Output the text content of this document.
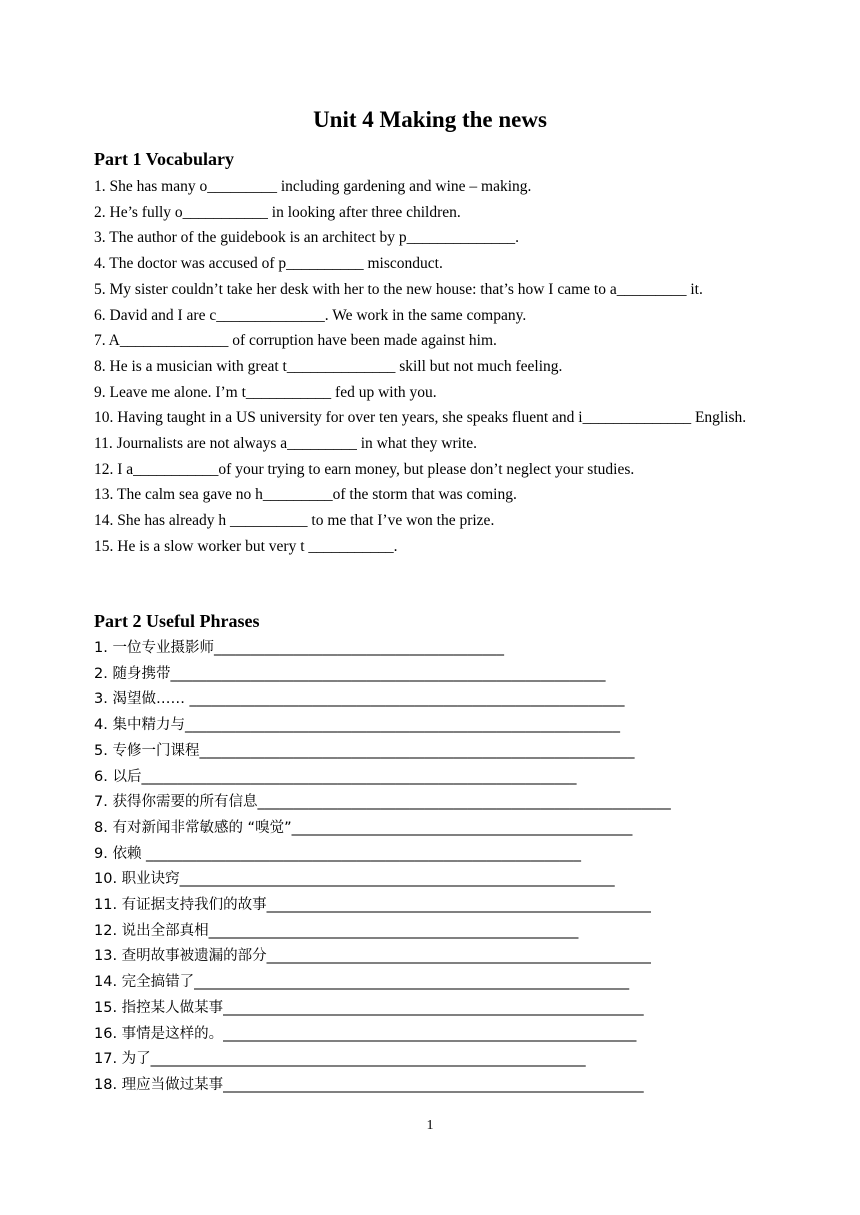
Unit 4 Making the news
Part 1 Vocabulary
1. She has many o_________ including gardening and wine – making.
2. He’s fully o___________ in looking after three children.
3. The author of the guidebook is an architect by p______________.
4. The doctor was accused of p__________ misconduct.
5. My sister couldn’t take her desk with her to the new house: that’s how I came to a_________ it.
6. David and I are c______________. We work in the same company.
7. A______________ of corruption have been made against him.
8. He is a musician with great t______________ skill but not much feeling.
9. Leave me alone. I’m t___________ fed up with you.
10. Having taught in a US university for over ten years, she speaks fluent and i______________ English.
11. Journalists are not always a_________ in what they write.
12. I a___________of your trying to earn money, but please don’t neglect your studies.
13. The calm sea gave no h_________of the storm that was coming.
14. She has already h __________ to me that I’ve won the prize.
15. He is a slow worker but very t ___________.
Part 2 Useful Phrases
1. 一位专业摄影师________________________________________
2. 随身携带____________________________________________________________
3. 渴望做…… ____________________________________________________________
4. 集中精力与____________________________________________________________
5. 专修一门课程____________________________________________________________
6. 以后____________________________________________________________
7. 获得你需要的所有信息_________________________________________________________
8. 有对新闻非常敏感的 “嗅觉”_______________________________________________
9. 依赖 ____________________________________________________________
10. 职业诀窍____________________________________________________________
11. 有证据支持我们的故事_____________________________________________________
12. 说出全部真相___________________________________________________
13. 查明故事被遗漏的部分_____________________________________________________
14. 完全搞错了____________________________________________________________
15. 指控某人做某事__________________________________________________________
16. 事情是这样的。_________________________________________________________
17. 为了____________________________________________________________
18. 理应当做过某事__________________________________________________________
1
